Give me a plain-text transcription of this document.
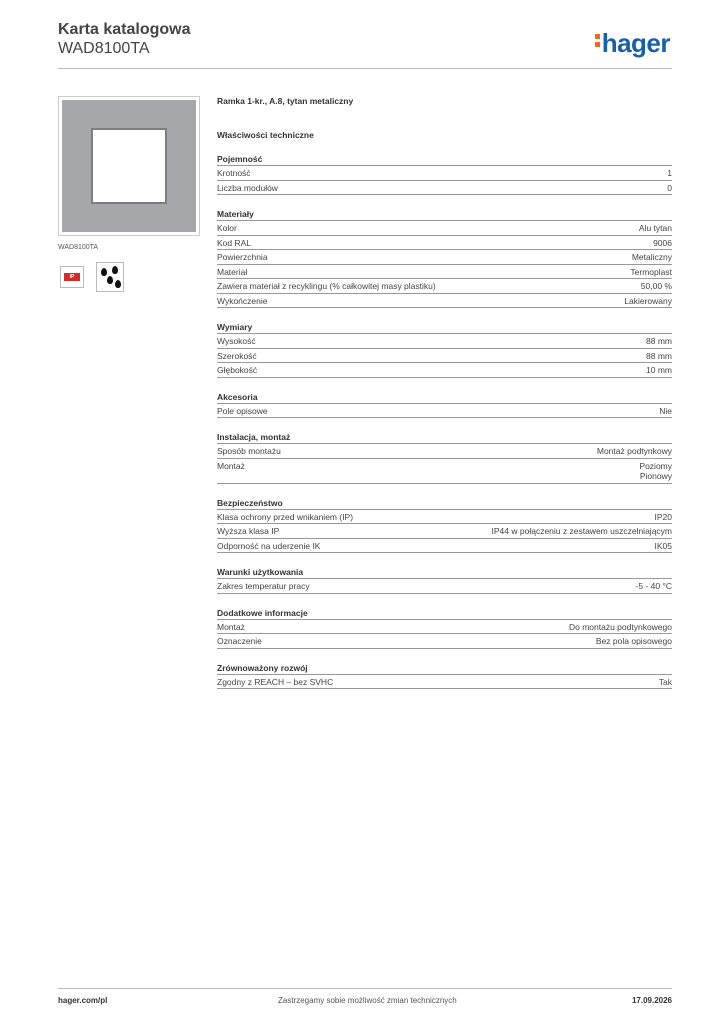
Karta katalogowa
WAD8100TA	hager
WAD8100TA
IP
Ramka 1-kr., A.8, tytan metaliczny
Właściwości techniczne
Pojemność
Krotność	1
Liczba modułów	0
Materiały
Kolor	Alu tytan
Kod RAL	9006
Powierzchnia	Metaliczny
Materiał	Termoplast
Zawiera materiał z recyklingu (% całkowitej masy plastiku)	50,00 %
Wykończenie	Lakierowany
Wymiary
Wysokość	88 mm
Szerokość	88 mm
Głębokość	10 mm
Akcesoria
Pole opisowe	Nie
Instalacja, montaż
Sposób montażu	Montaż podtynkowy
Montaż	Poziomy
Pionowy
Bezpieczeństwo
Klasa ochrony przed wnikaniem (IP)	IP20
Wyższa klasa IP	IP44 w połączeniu z zestawem uszczelniającym
Odporność na uderzenie IK	IK05
Warunki użytkowania
Zakres temperatur pracy	-5 - 40 °C
Dodatkowe informacje
Montaż	Do montażu podtynkowego
Oznaczenie	Bez pola opisowego
Zrównoważony rozwój
Zgodny z REACH – bez SVHC	Tak
hager.com/pl	Zastrzegamy sobie możliwość zmian technicznych	17.09.2026
